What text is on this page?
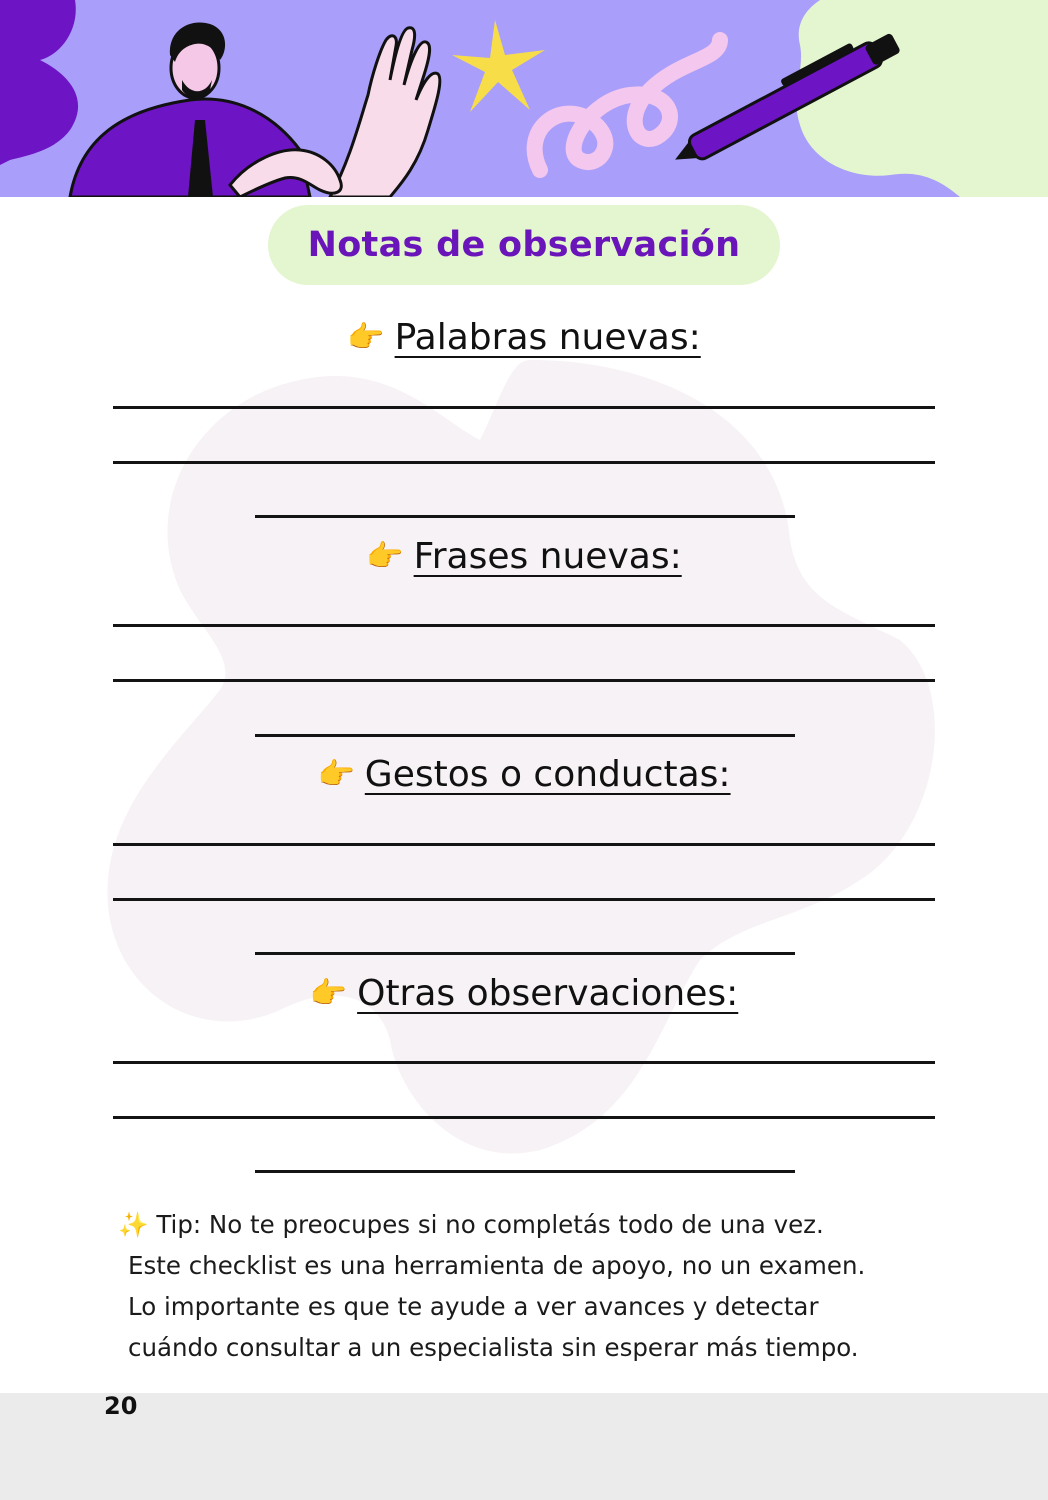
Notas de observación
👉 Palabras nuevas:
👉 Frases nuevas:
👉 Gestos o conductas:
👉 Otras observaciones:
✨ Tip: No te preocupes si no completás todo de una vez.
Este checklist es una herramienta de apoyo, no un examen.
Lo importante es que te ayude a ver avances y detectar
cuándo consultar a un especialista sin esperar más tiempo.
20
